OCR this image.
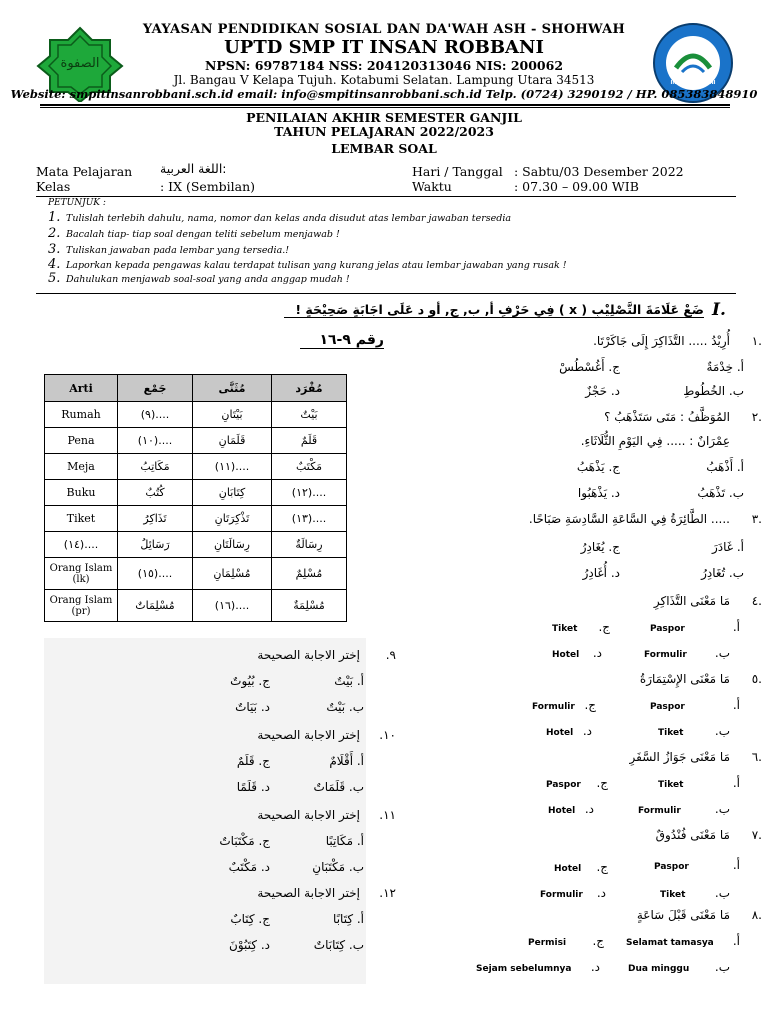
الصفوة
INSAN ROBBANI
YAYASAN PENDIDIKAN SOSIAL DAN DA'WAH ASH - SHOHWAH
UPTD SMP IT INSAN ROBBANI
NPSN: 69787184 NSS: 204120313046 NIS: 200062
Jl. Bangau V Kelapa Tujuh. Kotabumi Selatan. Lampung Utara 34513
Website: smpitinsanrobbani.sch.id email: info@smpitinsanrobbani.sch.id Telp. (0724) 3290192 / HP. 085383848910
PENILAIAN AKHIR SEMESTER GANJIL
TAHUN PELAJARAN 2022/2023
LEMBAR SOAL
Mata Pelajaran :اللغة العربية
Kelas	: IX (Sembilan)
Hari / Tanggal : Sabtu/03 Desember 2022
Waktu	: 07.30 – 09.00 WIB
PETUNJUK :
1. Tulislah terlebih dahulu, nama, nomor dan kelas anda disudut atas lembar jawaban tersedia
2. Bacalah tiap- tiap soal dengan teliti sebelum menjawab !
3. Tuliskan jawaban pada lembar yang tersedia.!
4. Laporkan kepada pengawas kalau terdapat tulisan yang kurang jelas atau lembar jawaban yang rusak !
5. Dahulukan menjawab soal-soal yang anda anggap mudah !
I.
ضَعْ عَلَامَةَ التَّصْلِيْبِ ( x ) فِي حَرْفِ أ, ب, ج, أو د عَلَى اجَابَةٍ صَحِيْحَةٍ !
رقم ٩-١٦
Arti	جَمْع	مُثَنَّى	مُفْرَد
Rumah	(٩)....	بَيْتَانِ	بَيْتٌ
Pena	(١٠)....	قَلَمَانِ	قَلَمٌ
Meja	مَكَاتِبُ	(١١)....	مَكْتَبٌ
Buku	كُتُبٌ	كِتَابَانِ	(١٢)....
Tiket	تَذَاكِرُ	تَذْكِرَتَانِ	(١٣)....
(١٤)....	رَسَائِلُ	رِسَالَتَانِ	رِسَالَةٌ
Orang Islam (lk)	(١٥)....	مُسْلِمَانِ	مُسْلِمٌ
Orang Islam (pr)	مُسْلِمَاتٌ	(١٦)....	مُسْلِمَةٌ
.٩
إختر الاجابة الصحيحة
أ. بَيْتٌ
ج. بُيُوتٌ
ب. بَيْتٌ
د. بَيَاتٌ
.١٠
إختر الاجابة الصحيحة
أ. أَقْلَامٌ
ج. قَلَمٌ
ب. قَلَمَاتٌ
د. قَلَمًا
.١١
إختر الاجابة الصحيحة
أ. مَكَاتِبًا
ج. مَكْتَبَاتٌ
ب. مَكْتَبَانِ
د. مَكْتَبٌ
.١٢
إختر الاجابة الصحيحة
أ. كِتَابًا
ج. كِتَابٌ
ب. كِتَابَاتٌ
د. كِتَبُوْنَ
١.
أُرِيْدُ ..... التَّذَاكِرَ إِلَى جَاكَرْتَا.
أ. خِدْمَةٌ
ج. أَغُسْطُسْ
ب. الخُطُوطِ
د. حَجْزٌ
٢.
المُوَظَّفُ : مَتَى سَتَذْهَبُ ؟
عِمْرَانٌ : ..... فِي اليَوْمِ الثُّلَاثَاءِ.
أ. أَذْهَبُ
ج. يَذْهَبُ
ب. تَذْهَبُ
د. يَذْهَبُوا
٣.
..... الطَّائِرَةُ فِي السَّاعَةِ السَّادِسَةِ صَبَاحًا.
أ. غَادَرَ
ج. يُغَادِرُ
ب. تُغَادِرُ
د. أُغَادِرُ
٤.
مَا مَعْنَى التَّذَاكِرِ
أ.
Paspor
ج.
Tiket
ب.
Formulir
د.
Hotel
٥.
مَا مَعْنَى الإِسْتِمَارَةُ
أ.
Paspor
ج.
Formulir
ب.
Tiket
د.
Hotel
٦.
مَا مَعْنَى جَوَازُ السَّفَرِ
أ.
Tiket
ج.
Paspor
ب.
Formulir
د.
Hotel
٧.
مَا مَعْنَى فُنْدُوقٌ
أ.
Paspor
ج.
Hotel
ب.
Tiket
د.
Formulir
٨.
مَا مَعْنَى قَبْلَ سَاعَةٍ
أ.
Selamat tamasya
ج.
Permisi
ب.
Dua minggu
د.
Sejam sebelumnya
